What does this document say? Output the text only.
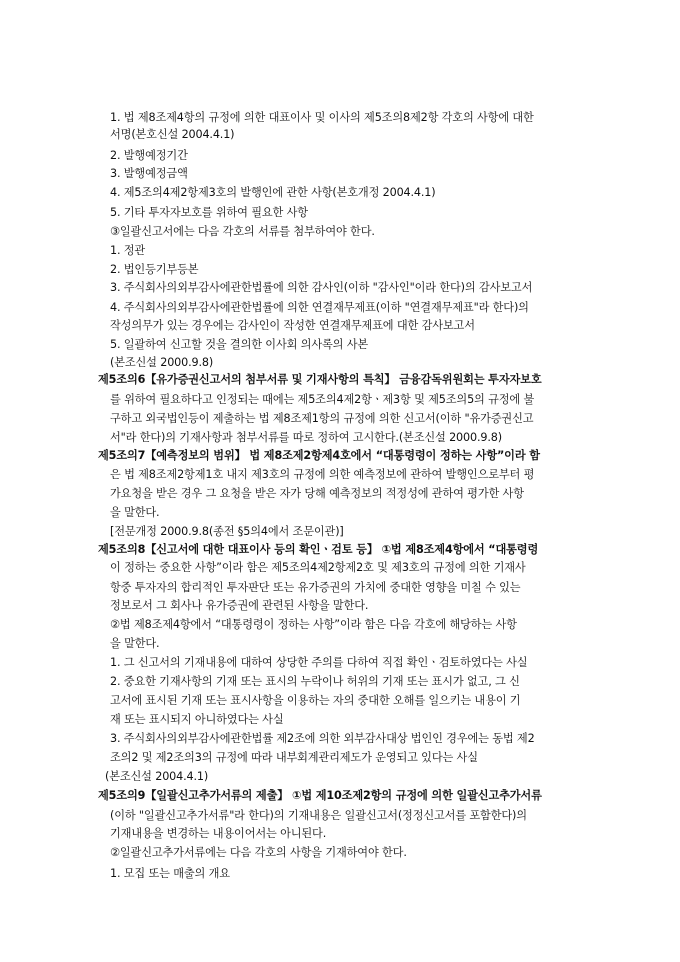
1. 법 제8조제4항의 규정에 의한 대표이사 및 이사의 제5조의8제2항 각호의 사항에 대한
서명(본호신설 2004.4.1)
2. 발행예정기간
3. 발행예정금액
4. 제5조의4제2항제3호의 발행인에 관한 사항(본호개정 2004.4.1)
5. 기타 투자자보호를 위하여 필요한 사항
③일괄신고서에는 다음 각호의 서류를 첨부하여야 한다.
1. 정관
2. 법인등기부등본
3. 주식회사의외부감사에관한법률에 의한 감사인(이하 "감사인"이라 한다)의 감사보고서
4. 주식회사의외부감사에관한법률에 의한 연결재무제표(이하 "연결재무제표"라 한다)의
작성의무가 있는 경우에는 감사인이 작성한 연결재무제표에 대한 감사보고서
5. 일괄하여 신고할 것을 결의한 이사회 의사록의 사본
(본조신설 2000.9.8)
제5조의6【유가증권신고서의 첨부서류 및 기재사항의 특칙】 금융감독위원회는 투자자보호
를 위하여 필요하다고 인정되는 때에는 제5조의4제2항ㆍ제3항 및 제5조의5의 규정에 불
구하고 외국법인등이 제출하는 법 제8조제1항의 규정에 의한 신고서(이하 "유가증권신고
서"라 한다)의 기재사항과 첨부서류를 따로 정하여 고시한다.(본조신설 2000.9.8)
제5조의7【예측정보의 범위】 법 제8조제2항제4호에서 “대통령령이 정하는 사항”이라 함
은 법 제8조제2항제1호 내지 제3호의 규정에 의한 예측정보에 관하여 발행인으로부터 평
가요청을 받은 경우 그 요청을 받은 자가 당해 예측정보의 적정성에 관하여 평가한 사항
을 말한다.
[전문개정 2000.9.8(종전 §5의4에서 조문이관)]
제5조의8【신고서에 대한 대표이사 등의 확인ㆍ검토 등】 ①법 제8조제4항에서 “대통령령
이 정하는 중요한 사항”이라 함은 제5조의4제2항제2호 및 제3호의 규정에 의한 기재사
항중 투자자의 합리적인 투자판단 또는 유가증권의 가치에 중대한 영향을 미칠 수 있는
정보로서 그 회사나 유가증권에 관련된 사항을 말한다.
②법 제8조제4항에서 “대통령령이 정하는 사항”이라 함은 다음 각호에 해당하는 사항
을 말한다.
1. 그 신고서의 기재내용에 대하여 상당한 주의를 다하여 직접 확인ㆍ검토하였다는 사실
2. 중요한 기재사항의 기재 또는 표시의 누락이나 허위의 기재 또는 표시가 없고, 그 신
고서에 표시된 기재 또는 표시사항을 이용하는 자의 중대한 오해를 일으키는 내용이 기
재 또는 표시되지 아니하였다는 사실
3. 주식회사의외부감사에관한법률 제2조에 의한 외부감사대상 법인인 경우에는 동법 제2
조의2 및 제2조의3의 규정에 따라 내부회계관리제도가 운영되고 있다는 사실
(본조신설 2004.4.1)
제5조의9【일괄신고추가서류의 제출】 ①법 제10조제2항의 규정에 의한 일괄신고추가서류
(이하 "일괄신고추가서류"라 한다)의 기재내용은 일괄신고서(정정신고서를 포함한다)의
기재내용을 변경하는 내용이어서는 아니된다.
②일괄신고추가서류에는 다음 각호의 사항을 기재하여야 한다.
1. 모집 또는 매출의 개요
